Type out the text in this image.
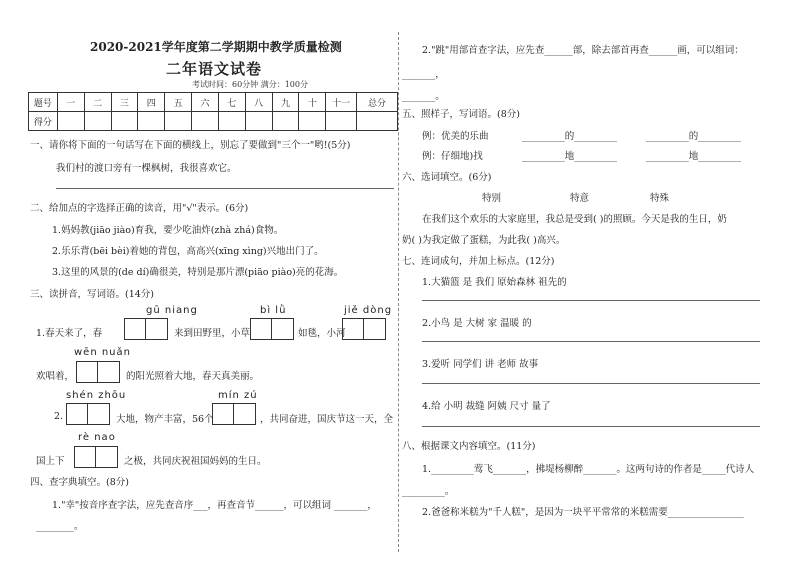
2020-2021学年度第二学期期中教学质量检测
二年语文试卷
考试时间：60分钟 满分：100分
题号	一	二	三	四	五	六	七	八	九	十	十一	总分
得分												
一、请你将下面的一句话写在下面的横线上，别忘了要做到"三个一"哟!(5分)
我们村的渡口旁有一棵枫树，我很喜欢它。
二、给加点的字选择正确的读音，用"√"表示。(6分)
1.妈妈教(jiāo jiào)育我，要少吃油炸(zhà zhá)食物。
2.乐乐背(bēi bèi)着她的背包，高高兴(xīng xìng)兴地出门了。
3.这里的风景的(de dí)确很美，特别是那片漂(piāo piào)亮的花海。
三、读拼音，写词语。(14分)
gū niang	bì lǜ	jiě dòng
1.春天来了，春	来到田野里，小草	如毯，小河
wēn nuǎn
欢唱着，	的阳光照着大地，春天真美丽。
shén zhōu	mín zú
2.	大地，物产丰富，56个	，共同奋进，国庆节这一天，全
rè nao
国上下	之极，共同庆祝祖国妈妈的生日。
四、查字典填空。(8分)
1."幸"按音序查字法，应先查音序___，再查音节______，可以组词 _______，
________。
2."跳"用部首查字法，应先查______部，除去部首再查______画，可以组词：
_______，
_______。
五、照样子，写词语。(8分)
例：优美的乐曲	_________的_________	_________的_________
例：仔细地)找	_________地_________	_________地_________
六、选词填空。(6分)
特别	特意	特殊
在我们这个欢乐的大家庭里，我总是受到( )的照顾。今天是我的生日，奶
奶( )为我定做了蛋糕，为此我( )高兴。
七、连词成句，并加上标点。(12分)
1.大猫篮 是 我们 原始森林 祖先的
2.小鸟 是 大树 家 温暖 的
3.爱听 同学们 讲 老师 故事
4.给 小明 裁缝 阿姨 尺寸 量了
八、根据课文内容填空。(11分)
1._________莺飞_______，拂堤杨柳醉_______。这两句诗的作者是_____代诗人
_________。
2.爸爸称米糕为"千人糕"，是因为一块平平常常的米糕需要________________
